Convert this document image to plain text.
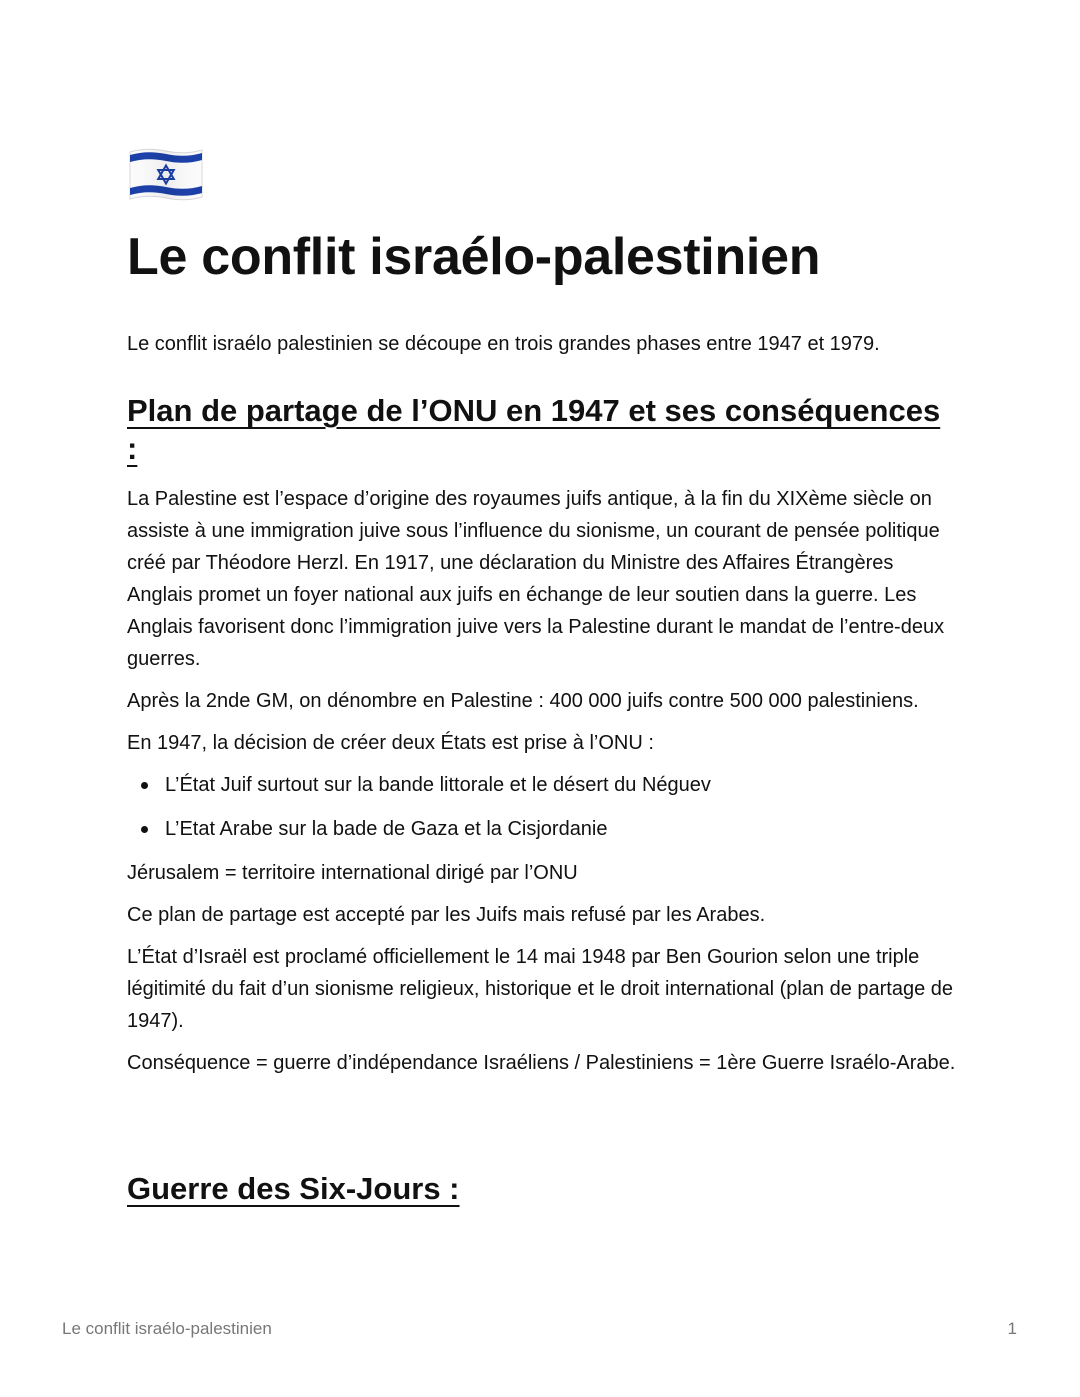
Le conflit israélo-palestinien

Le conflit israélo palestinien se découpe en trois grandes phases entre 1947 et 1979.

Plan de partage de l’ONU en 1947 et ses conséquences :

La Palestine est l’espace d’origine des royaumes juifs antique, à la fin du XIXème siècle on assiste à une immigration juive sous l’influence du sionisme, un courant de pensée politique créé par Théodore Herzl. En 1917, une déclaration du Ministre des Affaires Étrangères Anglais promet un foyer national aux juifs en échange de leur soutien dans la guerre. Les Anglais favorisent donc l’immigration juive vers la Palestine durant le mandat de l’entre-deux guerres.

Après la 2nde GM, on dénombre en Palestine : 400 000 juifs contre 500 000 palestiniens.

En 1947, la décision de créer deux États est prise à l’ONU :

L’État Juif surtout sur la bande littorale et le désert du Néguev
L’Etat Arabe sur la bade de Gaza et la Cisjordanie

Jérusalem = territoire international dirigé par l’ONU

Ce plan de partage est accepté par les Juifs mais refusé par les Arabes.

L’État d’Israël est proclamé officiellement le 14 mai 1948 par Ben Gourion selon une triple légitimité du fait d’un sionisme religieux, historique et le droit international (plan de partage de 1947).

Conséquence = guerre d’indépendance Israéliens / Palestiniens = 1ère Guerre Israélo-Arabe.

Guerre des Six-Jours :
Le conflit israélo-palestinien	1
